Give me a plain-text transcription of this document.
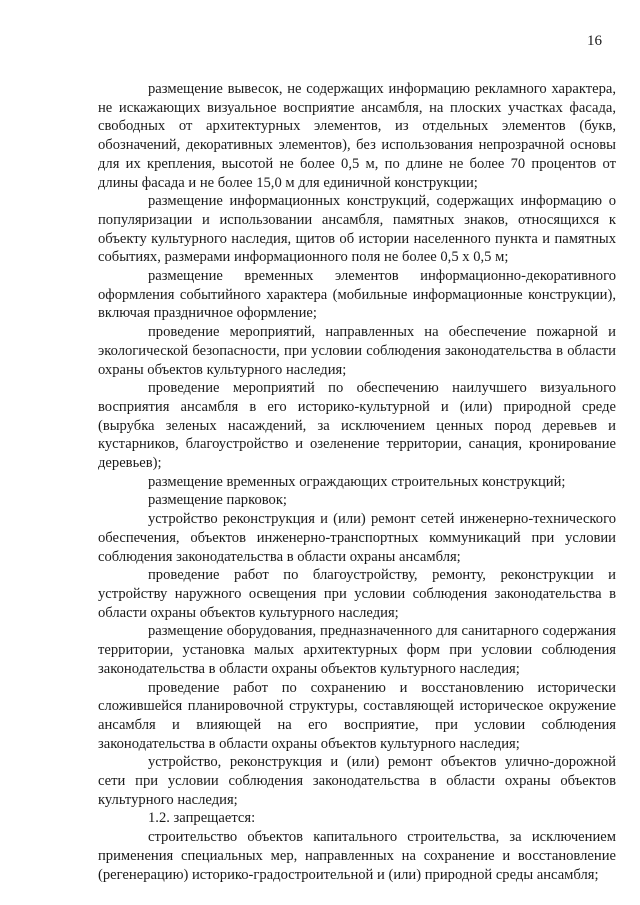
16

размещение вывесок, не содержащих информацию рекламного характера, не искажающих визуальное восприятие ансамбля, на плоских участках фасада, свободных от архитектурных элементов, из отдельных элементов (букв, обозначений, декоративных элементов), без использования непрозрачной основы для их крепления, высотой не более 0,5 м, по длине не более 70 процентов от длины фасада и не более 15,0 м для единичной конструкции;

размещение информационных конструкций, содержащих информацию о популяризации и использовании ансамбля, памятных знаков, относящихся к объекту культурного наследия, щитов об истории населенного пункта и памятных событиях, размерами информационного поля не более 0,5 х 0,5 м;

размещение временных элементов информационно-декоративного оформления событийного характера (мобильные информационные конструкции), включая праздничное оформление;

проведение мероприятий, направленных на обеспечение пожарной и экологической безопасности, при условии соблюдения законодательства в области охраны объектов культурного наследия;

проведение мероприятий по обеспечению наилучшего визуального восприятия ансамбля в его историко-культурной и (или) природной среде (вырубка зеленых насаждений, за исключением ценных пород деревьев и кустарников, благоустройство и озеленение территории, санация, кронирование деревьев);

размещение временных ограждающих строительных конструкций;

размещение парковок;

устройство реконструкция и (или) ремонт сетей инженерно-технического обеспечения, объектов инженерно-транспортных коммуникаций при условии соблюдения законодательства в области охраны ансамбля;

проведение работ по благоустройству, ремонту, реконструкции и устройству наружного освещения при условии соблюдения законодательства в области охраны объектов культурного наследия;

размещение оборудования, предназначенного для санитарного содержания территории, установка малых архитектурных форм при условии соблюдения законодательства в области охраны объектов культурного наследия;

проведение работ по сохранению и восстановлению исторически сложившейся планировочной структуры, составляющей историческое окружение ансамбля и влияющей на его восприятие, при условии соблюдения законодательства в области охраны объектов культурного наследия;

устройство, реконструкция и (или) ремонт объектов улично-дорожной сети при условии соблюдения законодательства в области охраны объектов культурного наследия;

1.2. запрещается:

строительство объектов капитального строительства, за исключением применения специальных мер, направленных на сохранение и восстановление (регенерацию) историко-градостроительной и (или) природной среды ансамбля;
